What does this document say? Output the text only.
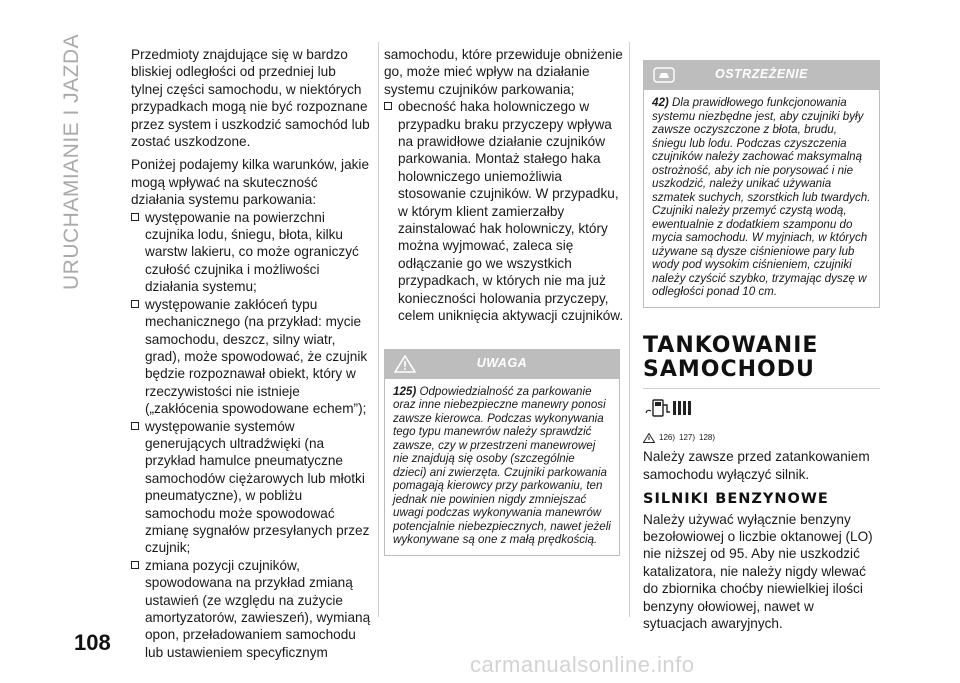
URUCHAMIANIE I JAZDA
108

Przedmioty znajdujące się w bardzo bliskiej odległości od przedniej lub tylnej części samochodu, w niektórych przypadkach mogą nie być rozpoznane przez system i uszkodzić samochód lub zostać uszkodzone.

Poniżej podajemy kilka warunków, jakie mogą wpływać na skuteczność działania systemu parkowania:

występowanie na powierzchni czujnika lodu, śniegu, błota, kilku warstw lakieru, co może ograniczyć czułość czujnika i możliwości działania systemu;
występowanie zakłóceń typu mechanicznego (na przykład: mycie samochodu, deszcz, silny wiatr, grad), może spowodować, że czujnik będzie rozpoznawał obiekt, który w rzeczywistości nie istnieje („zakłócenia spowodowane echem”);
występowanie systemów generujących ultradźwięki (na przykład hamulce pneumatyczne samochodów ciężarowych lub młotki pneumatyczne), w pobliżu samochodu może spowodować zmianę sygnałów przesyłanych przez czujnik;
zmiana pozycji czujników, spowodowana na przykład zmianą ustawień (ze względu na zużycie amortyzatorów, zawieszeń), wymianą opon, przeładowaniem samochodu lub ustawieniem specyficznym

samochodu, które przewiduje obniżenie go, może mieć wpływ na działanie systemu czujników parkowania;

obecność haka holowniczego w przypadku braku przyczepy wpływa na prawidłowe działanie czujników parkowania. Montaż stałego haka holowniczego uniemożliwia stosowanie czujników. W przypadku, w którym klient zamierzałby zainstalować hak holowniczy, który można wyjmować, zaleca się odłączanie go we wszystkich przypadkach, w których nie ma już konieczności holowania przyczepy, celem uniknięcia aktywacji czujników.
UWAGA
125) Odpowiedzialność za parkowanie oraz inne niebezpieczne manewry ponosi zawsze kierowca. Podczas wykonywania tego typu manewrów należy sprawdzić zawsze, czy w przestrzeni manewrowej nie znajdują się osoby (szczególnie dzieci) ani zwierzęta. Czujniki parkowania pomagają kierowcy przy parkowaniu, ten jednak nie powinien nigdy zmniejszać uwagi podczas wykonywania manewrów potencjalnie niebezpiecznych, nawet jeżeli wykonywane są one z małą prędkością.
OSTRZEŻENIE
42) Dla prawidłowego funkcjonowania systemu niezbędne jest, aby czujniki były zawsze oczyszczone z błota, brudu, śniegu lub lodu. Podczas czyszczenia czujników należy zachować maksymalną ostrożność, aby ich nie porysować i nie uszkodzić, należy unikać używania szmatek suchych, szorstkich lub twardych. Czujniki należy przemyć czystą wodą, ewentualnie z dodatkiem szamponu do mycia samochodu. W myjniach, w których używane są dysze ciśnieniowe pary lub wody pod wysokim ciśnieniem, czujniki należy czyścić szybko, trzymając dyszę w odległości ponad 10 cm.
TANKOWANIE
SAMOCHODU
126) 127) 128)

Należy zawsze przed zatankowaniem samochodu wyłączyć silnik.

SILNIKI BENZYNOWE

Należy używać wyłącznie benzyny bezołowiowej o liczbie oktanowej (LO) nie niższej od 95. Aby nie uszkodzić katalizatora, nie należy nigdy wlewać do zbiornika choćby niewielkiej ilości benzyny ołowiowej, nawet w sytuacjach awaryjnych.

carmanualsonline.info
